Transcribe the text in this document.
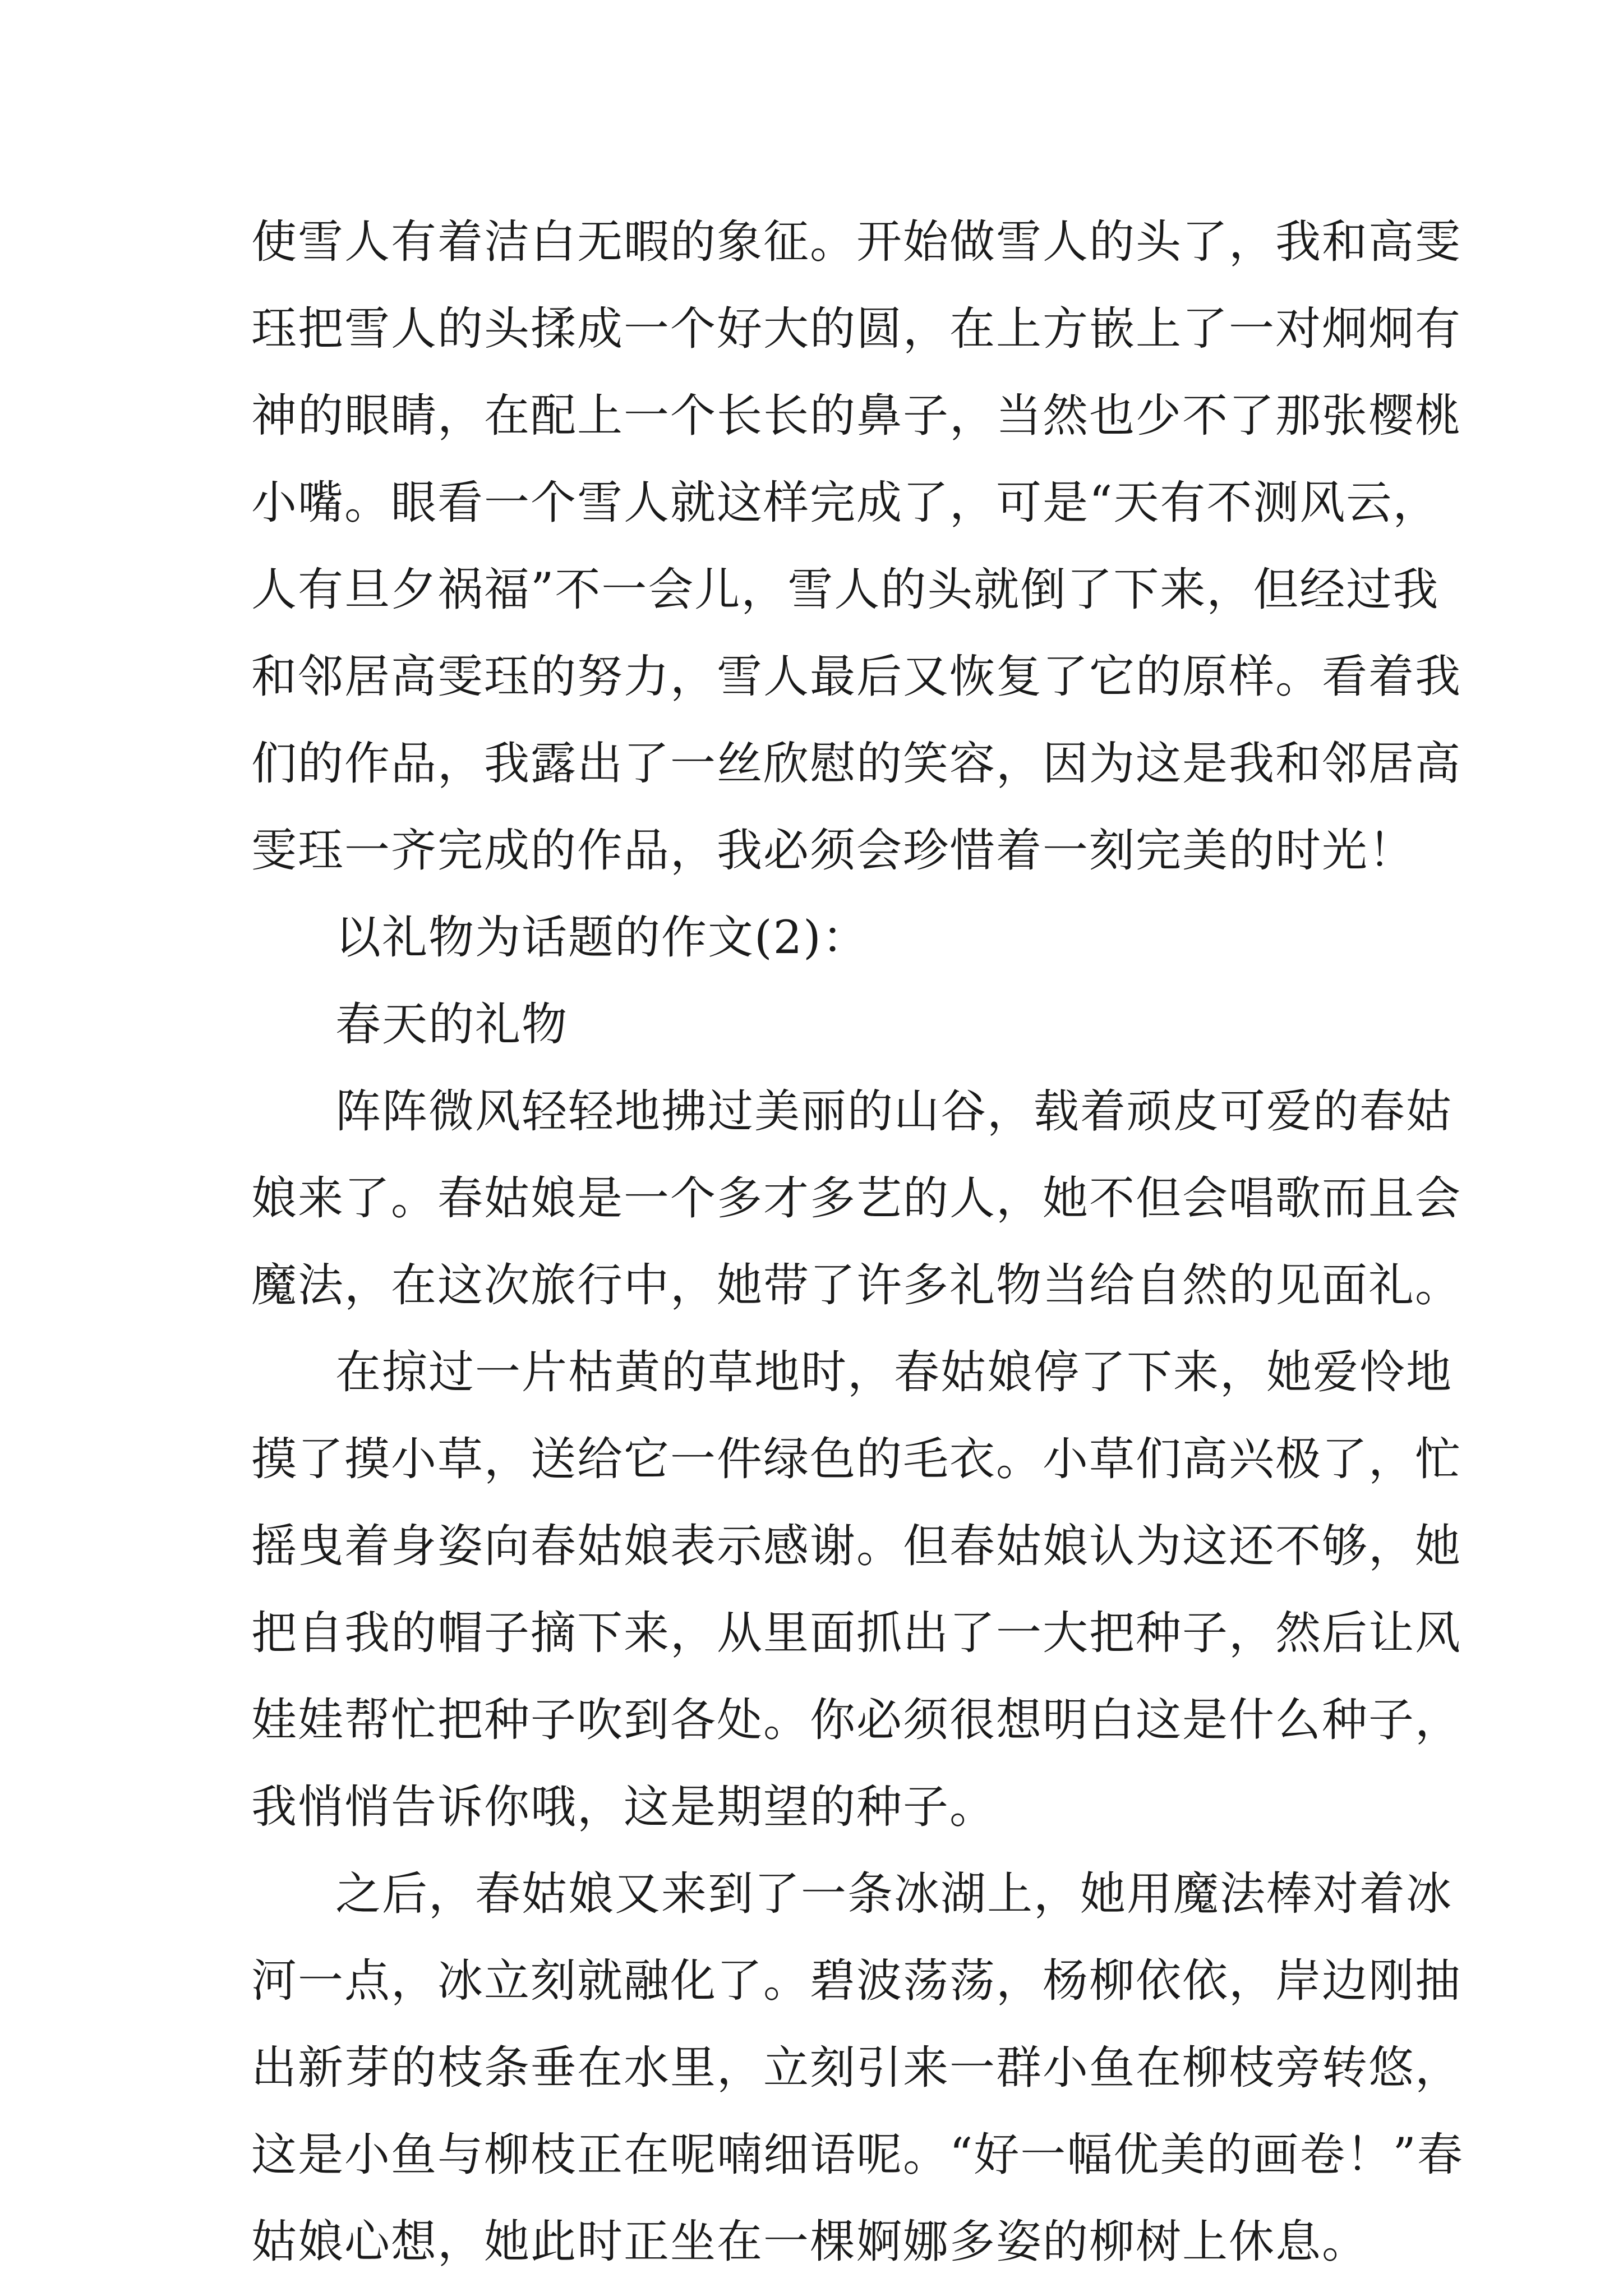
使雪人有着洁白无暇的象征。开始做雪人的头了，我和高雯
珏把雪人的头揉成一个好大的圆，在上方嵌上了一对炯炯有
神的眼睛，在配上一个长长的鼻子，当然也少不了那张樱桃
小嘴。眼看一个雪人就这样完成了，可是“天有不测风云，
人有旦夕祸福”不一会儿，雪人的头就倒了下来，但经过我
和邻居高雯珏的努力，雪人最后又恢复了它的原样。看着我
们的作品，我露出了一丝欣慰的笑容，因为这是我和邻居高
雯珏一齐完成的作品，我必须会珍惜着一刻完美的时光！
以礼物为话题的作文(2)：
春天的礼物
阵阵微风轻轻地拂过美丽的山谷，载着顽皮可爱的春姑
娘来了。春姑娘是一个多才多艺的人，她不但会唱歌而且会
魔法，在这次旅行中，她带了许多礼物当给自然的见面礼。
在掠过一片枯黄的草地时，春姑娘停了下来，她爱怜地
摸了摸小草，送给它一件绿色的毛衣。小草们高兴极了，忙
摇曳着身姿向春姑娘表示感谢。但春姑娘认为这还不够，她
把自我的帽子摘下来，从里面抓出了一大把种子，然后让风
娃娃帮忙把种子吹到各处。你必须很想明白这是什么种子，
我悄悄告诉你哦，这是期望的种子。
之后，春姑娘又来到了一条冰湖上，她用魔法棒对着冰
河一点，冰立刻就融化了。碧波荡荡，杨柳依依，岸边刚抽
出新芽的枝条垂在水里，立刻引来一群小鱼在柳枝旁转悠，
这是小鱼与柳枝正在呢喃细语呢。“好一幅优美的画卷！”春
姑娘心想，她此时正坐在一棵婀娜多姿的柳树上休息。
